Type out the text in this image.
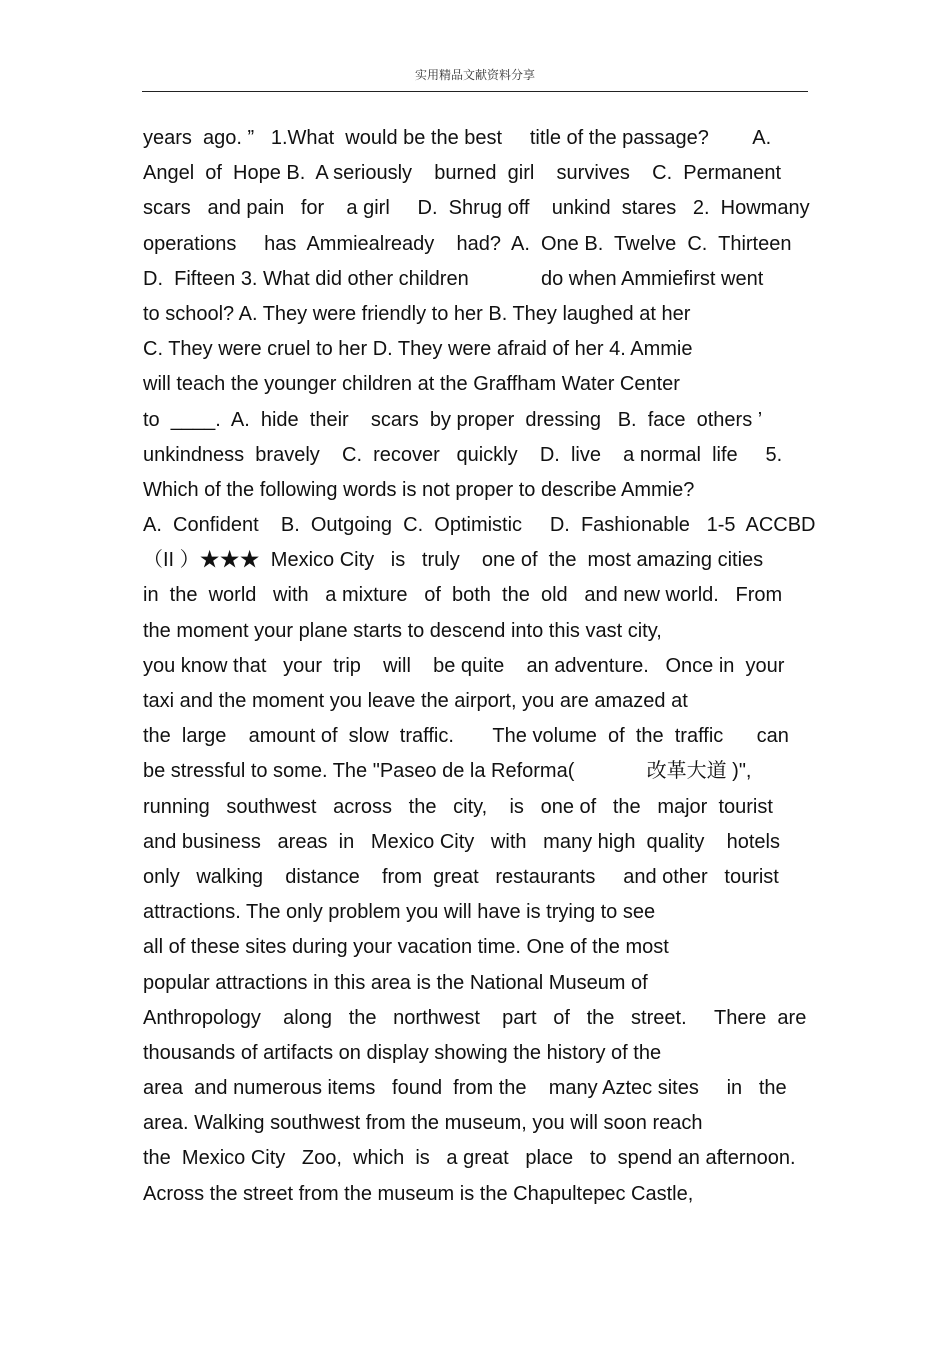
实用精品文献资料分享
years  ago. ”   1.What  would be the best     title of the passage?        A.
Angel  of  Hope B.  A seriously    burned  girl    survives    C.  Permanent
scars   and pain   for    a girl     D.  Shrug off    unkind  stares   2.  Howmany
operations     has  Ammiealready    had?  A.  One B.  Twelve  C.  Thirteen
D.  Fifteen 3. What did other children             do when Ammiefirst went
to school? A. They were friendly to her B. They laughed at her
C. They were cruel to her D. They were afraid of her 4. Ammie
will teach the younger children at the Graffham Water Center
to  ____.  A.  hide  their    scars  by proper  dressing   B.  face  others ’
unkindness  bravely    C.  recover   quickly    D.  live    a normal  life     5.
Which of the following words is not proper to describe Ammie?
A.  Confident    B.  Outgoing  C.  Optimistic     D.  Fashionable   1-5  ACCBD
（II ）★★★  Mexico City   is   truly    one of  the  most amazing cities
in  the  world   with   a mixture   of  both  the  old   and new world.   From
the moment your plane starts to descend into this vast city,
you know that   your  trip    will    be quite    an adventure.   Once in  your
taxi and the moment you leave the airport, you are amazed at
the  large    amount of  slow  traffic.       The volume  of  the  traffic      can
be stressful to some. The "Paseo de la Reforma(             改革大道 )",
running   southwest   across   the   city,    is   one of   the   major  tourist
and business   areas  in   Mexico City   with   many high  quality    hotels
only   walking    distance    from  great   restaurants     and other   tourist
attractions. The only problem you will have is trying to see
all of these sites during your vacation time. One of the most
popular attractions in this area is the National Museum of
Anthropology    along   the   northwest    part   of   the   street.     There  are
thousands of artifacts on display showing the history of the
area  and numerous items   found  from the    many Aztec sites     in   the
area. Walking southwest from the museum, you will soon reach
the  Mexico City   Zoo,  which  is   a great   place   to  spend an afternoon.
Across the street from the museum is the Chapultepec Castle,
